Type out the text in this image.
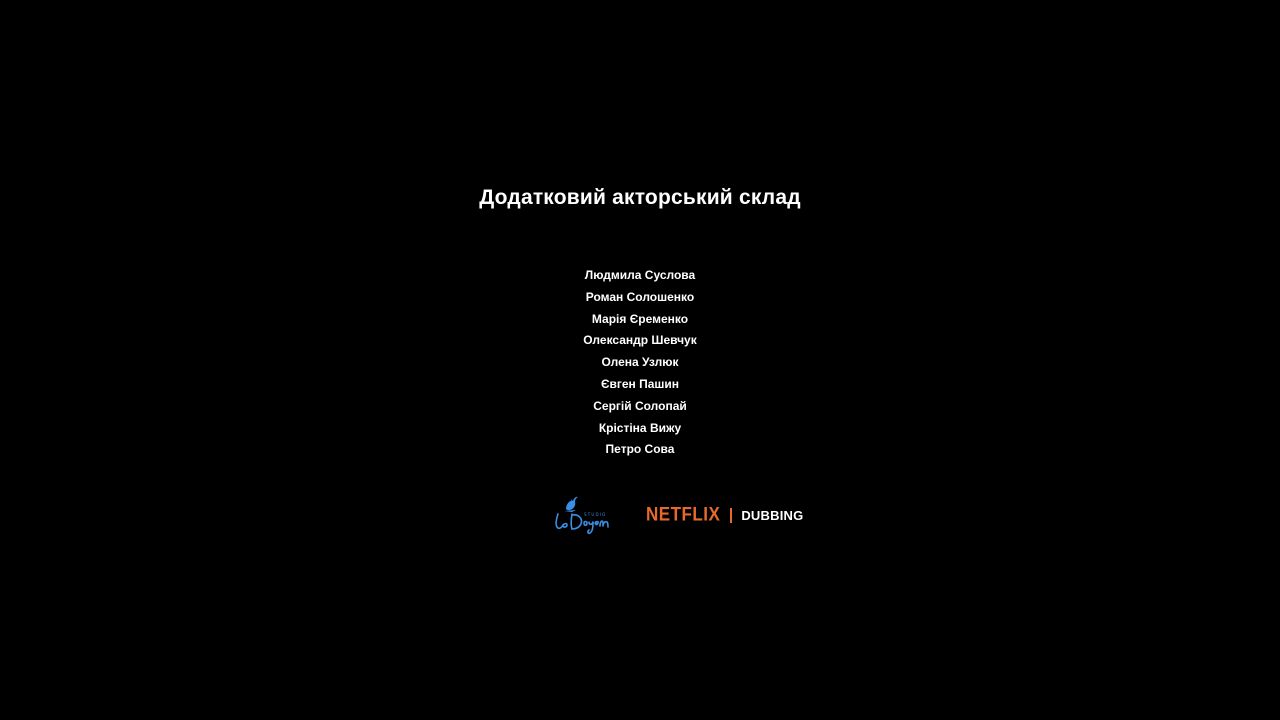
Додатковий акторський склад
Людмила Суслова
Роман Солошенко
Марія Єременко
Олександр Шевчук
Олена Узлюк
Євген Пашин
Сергій Солопай
Крістіна Вижу
Петро Сова
STUDIO NETFLIX DUBBING
